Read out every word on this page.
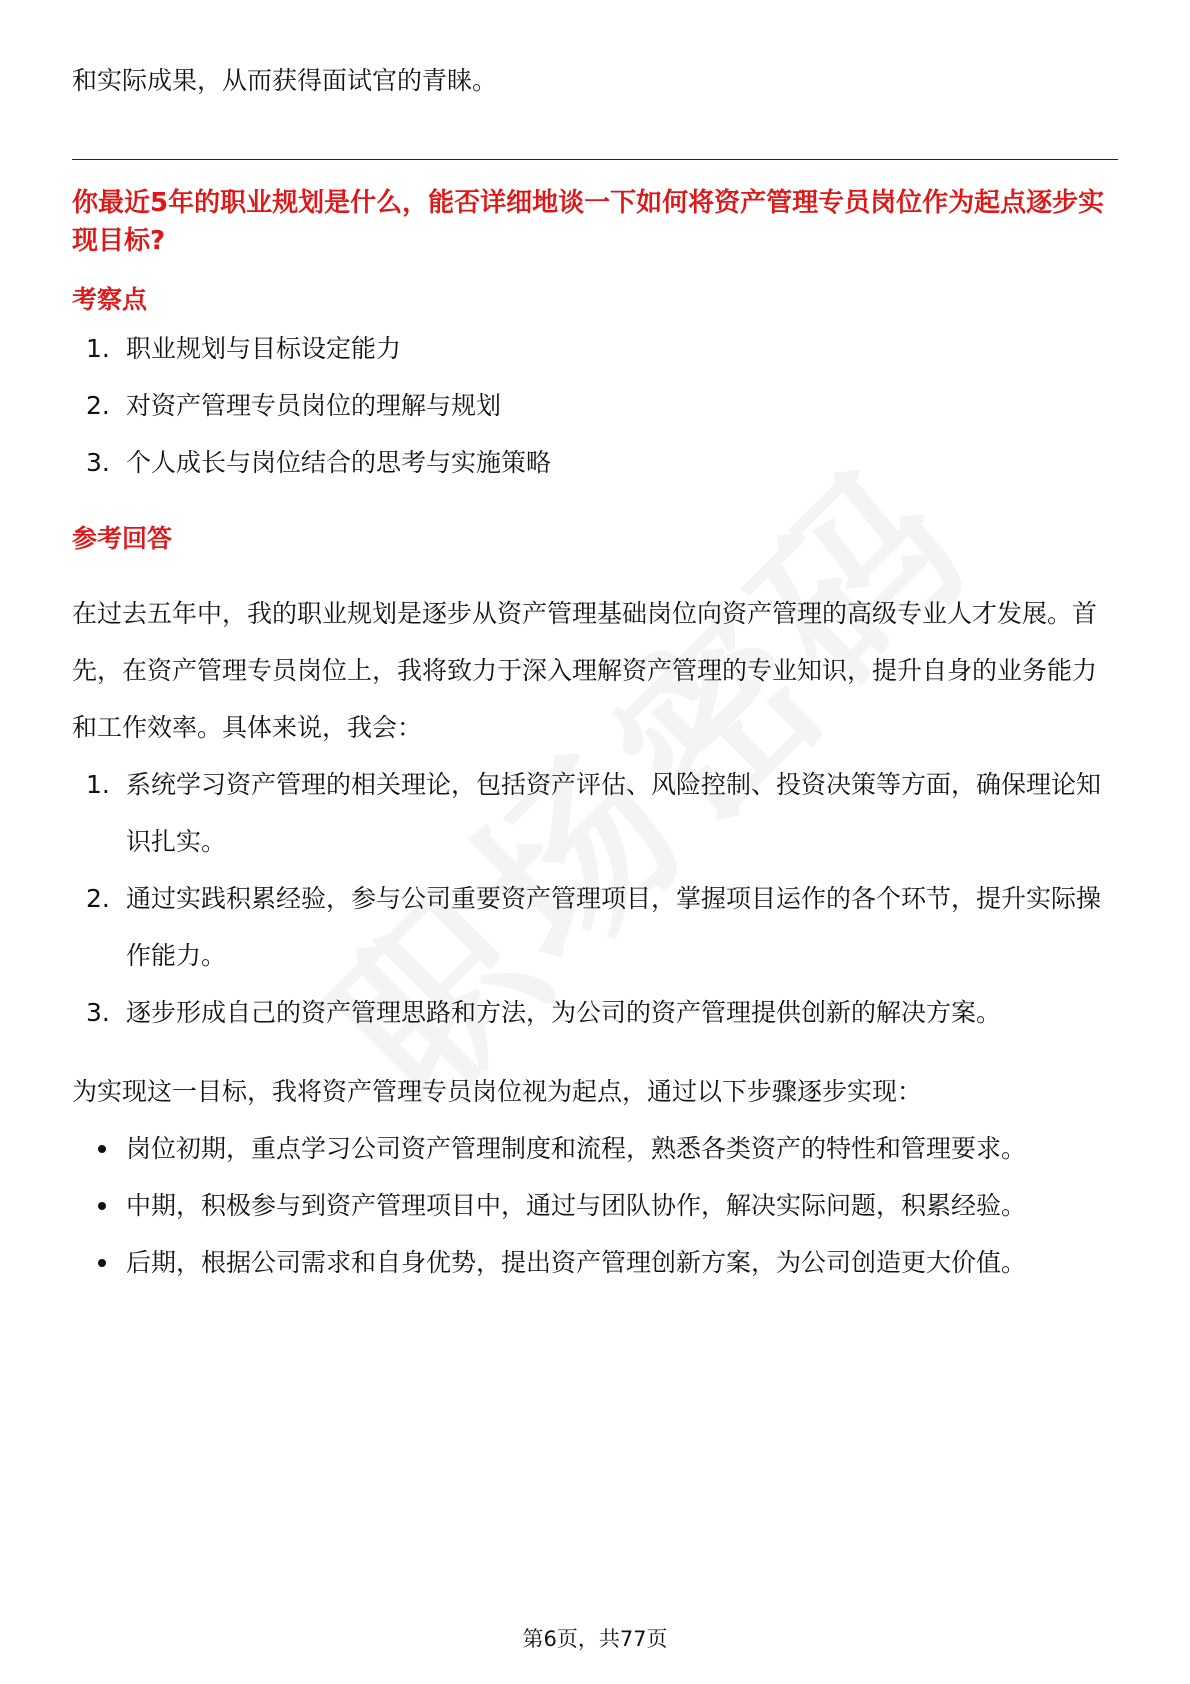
和实际成果，从而获得面试官的青睐。

你最近5年的职业规划是什么，能否详细地谈一下如何将资产管理专员岗位作为起点逐步实现目标?
考察点
1. 职业规划与目标设定能力
2. 对资产管理专员岗位的理解与规划
3. 个人成长与岗位结合的思考与实施策略
参考回答

在过去五年中，我的职业规划是逐步从资产管理基础岗位向资产管理的高级专业人才发展。首先，在资产管理专员岗位上，我将致力于深入理解资产管理的专业知识，提升自身的业务能力和工作效率。具体来说，我会：

1. 系统学习资产管理的相关理论，包括资产评估、风险控制、投资决策等方面，确保理论知识扎实。
2. 通过实践积累经验，参与公司重要资产管理项目，掌握项目运作的各个环节，提升实际操作能力。
3. 逐步形成自己的资产管理思路和方法，为公司的资产管理提供创新的解决方案。

为实现这一目标，我将资产管理专员岗位视为起点，通过以下步骤逐步实现：

岗位初期，重点学习公司资产管理制度和流程，熟悉各类资产的特性和管理要求。
中期，积极参与到资产管理项目中，通过与团队协作，解决实际问题，积累经验。
后期，根据公司需求和自身优势，提出资产管理创新方案，为公司创造更大价值。
第6页，共77页
